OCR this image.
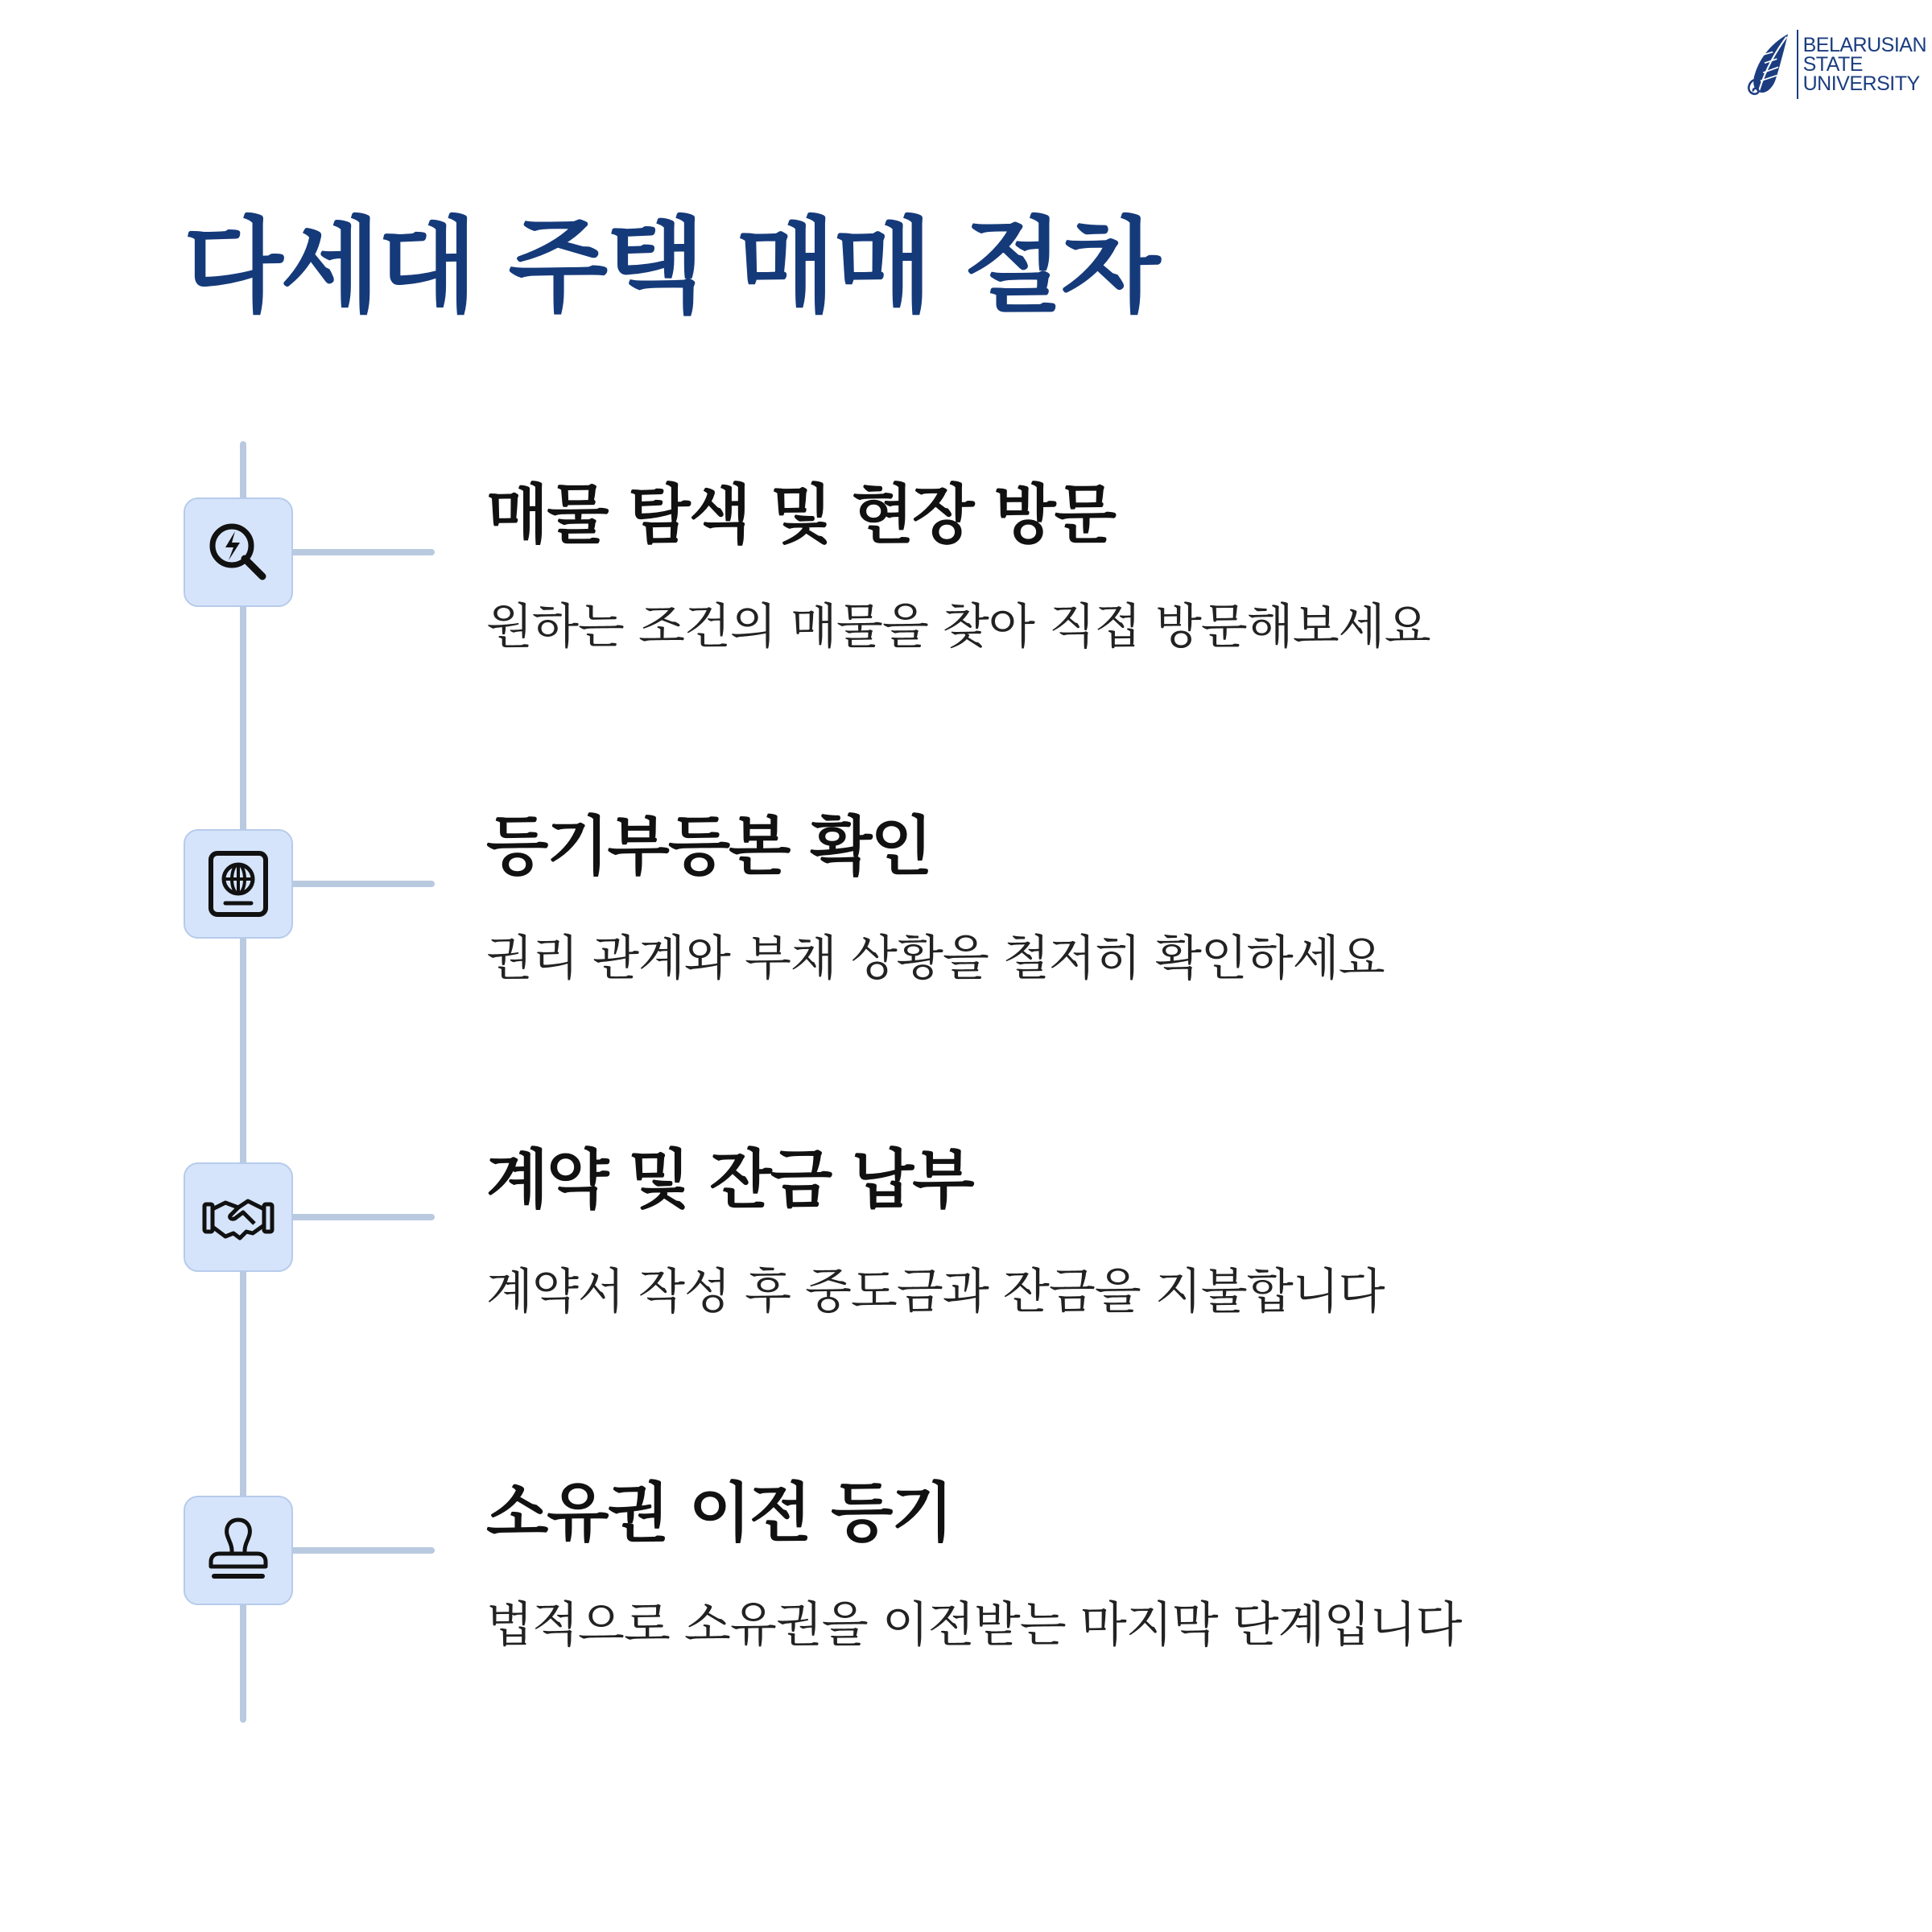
BELARUSIAN
STATE
UNIVERSITY
다세대 주택 매매 절차
매물 탐색 및 현장 방문
원하는 조건의 매물을 찾아 직접 방문해보세요
등기부등본 확인
권리 관계와 부채 상황을 철저히 확인하세요
계약 및 잔금 납부
계약서 작성 후 중도금과 잔금을 지불합니다
소유권 이전 등기
법적으로 소유권을 이전받는 마지막 단계입니다
